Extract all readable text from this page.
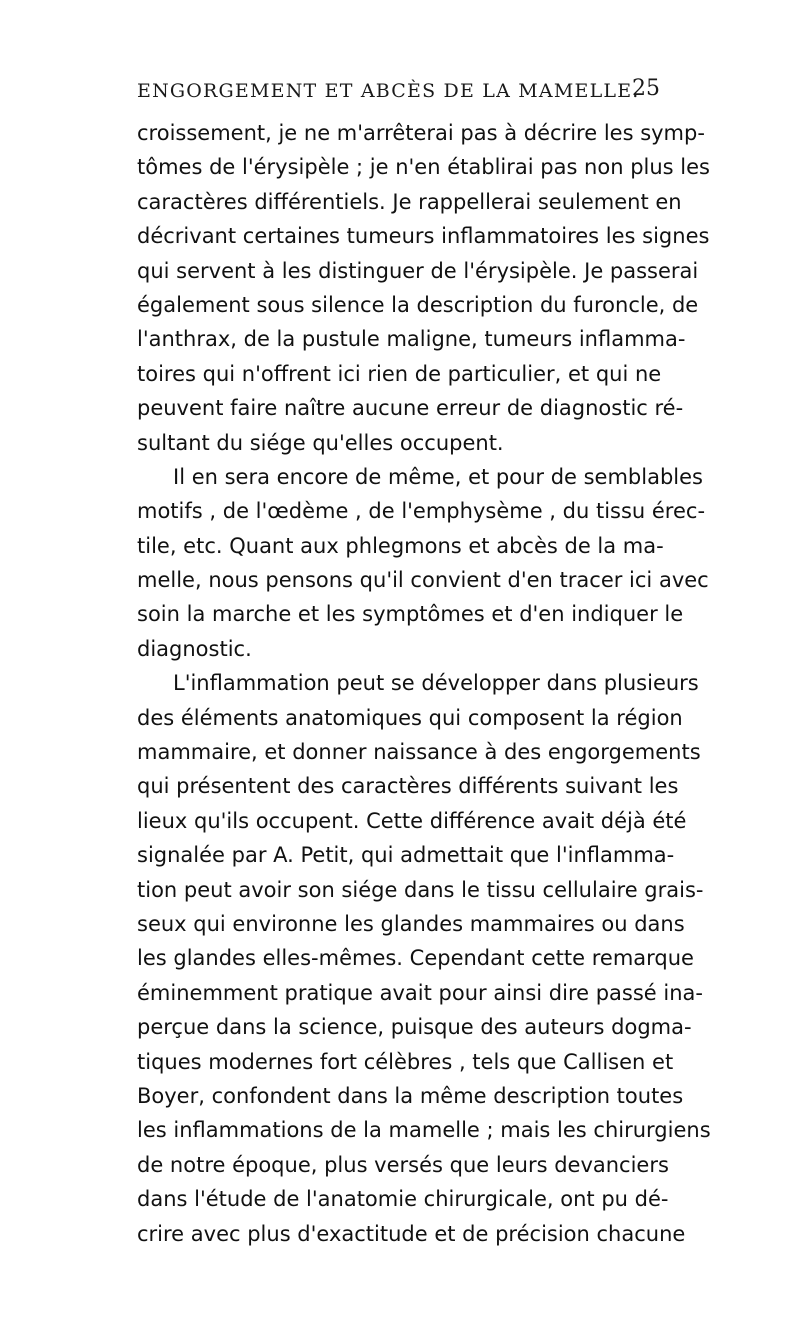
ENGORGEMENT ET ABCÈS DE LA MAMELLE.
25
croissement, je ne m'arrêterai pas à décrire les symp-
tômes de l'érysipèle ; je n'en établirai pas non plus les
caractères différentiels. Je rappellerai seulement en
décrivant certaines tumeurs inflammatoires les signes
qui servent à les distinguer de l'érysipèle. Je passerai
également sous silence la description du furoncle, de
l'anthrax, de la pustule maligne, tumeurs inflamma-
toires qui n'offrent ici rien de particulier, et qui ne
peuvent faire naître aucune erreur de diagnostic ré-
sultant du siége qu'elles occupent.
Il en sera encore de même, et pour de semblables
motifs , de l'œdème , de l'emphysème , du tissu érec-
tile, etc. Quant aux phlegmons et abcès de la ma-
melle, nous pensons qu'il convient d'en tracer ici avec
soin la marche et les symptômes et d'en indiquer le
diagnostic.
L'inflammation peut se développer dans plusieurs
des éléments anatomiques qui composent la région
mammaire, et donner naissance à des engorgements
qui présentent des caractères différents suivant les
lieux qu'ils occupent. Cette différence avait déjà été
signalée par A. Petit, qui admettait que l'inflamma-
tion peut avoir son siége dans le tissu cellulaire grais-
seux qui environne les glandes mammaires ou dans
les glandes elles-mêmes. Cependant cette remarque
éminemment pratique avait pour ainsi dire passé ina-
perçue dans la science, puisque des auteurs dogma-
tiques modernes fort célèbres , tels que Callisen et
Boyer, confondent dans la même description toutes
les inflammations de la mamelle ; mais les chirurgiens
de notre époque, plus versés que leurs devanciers
dans l'étude de l'anatomie chirurgicale, ont pu dé-
crire avec plus d'exactitude et de précision chacune
